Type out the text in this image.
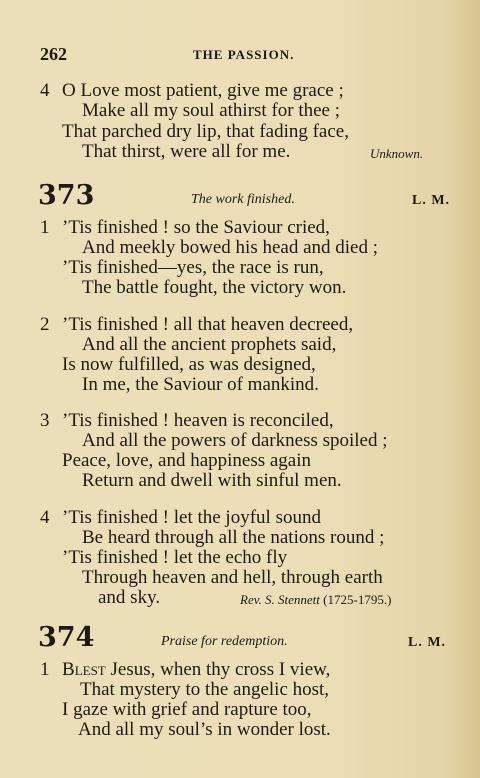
262	THE PASSION.
4 O Love most patient, give me grace ;
Make all my soul athirst for thee ;
That parched dry lip, that fading face,
That thirst, were all for me.	Unknown.
373	The work finished.	L. M.
1 ’Tis finished ! so the Saviour cried,
And meekly bowed his head and died ;
’Tis finished—yes, the race is run,
The battle fought, the victory won.
2 ’Tis finished ! all that heaven decreed,
And all the ancient prophets said,
Is now fulfilled, as was designed,
In me, the Saviour of mankind.
3 ’Tis finished ! heaven is reconciled,
And all the powers of darkness spoiled ;
Peace, love, and happiness again
Return and dwell with sinful men.
4 ’Tis finished ! let the joyful sound
Be heard through all the nations round ;
’Tis finished ! let the echo fly
Through heaven and hell, through earth
and sky.	Rev. S. Stennett (1725-1795.)
374	Praise for redemption.	L. M.
1 Blest Jesus, when thy cross I view,
That mystery to the angelic host,
I gaze with grief and rapture too,
And all my soul’s in wonder lost.
